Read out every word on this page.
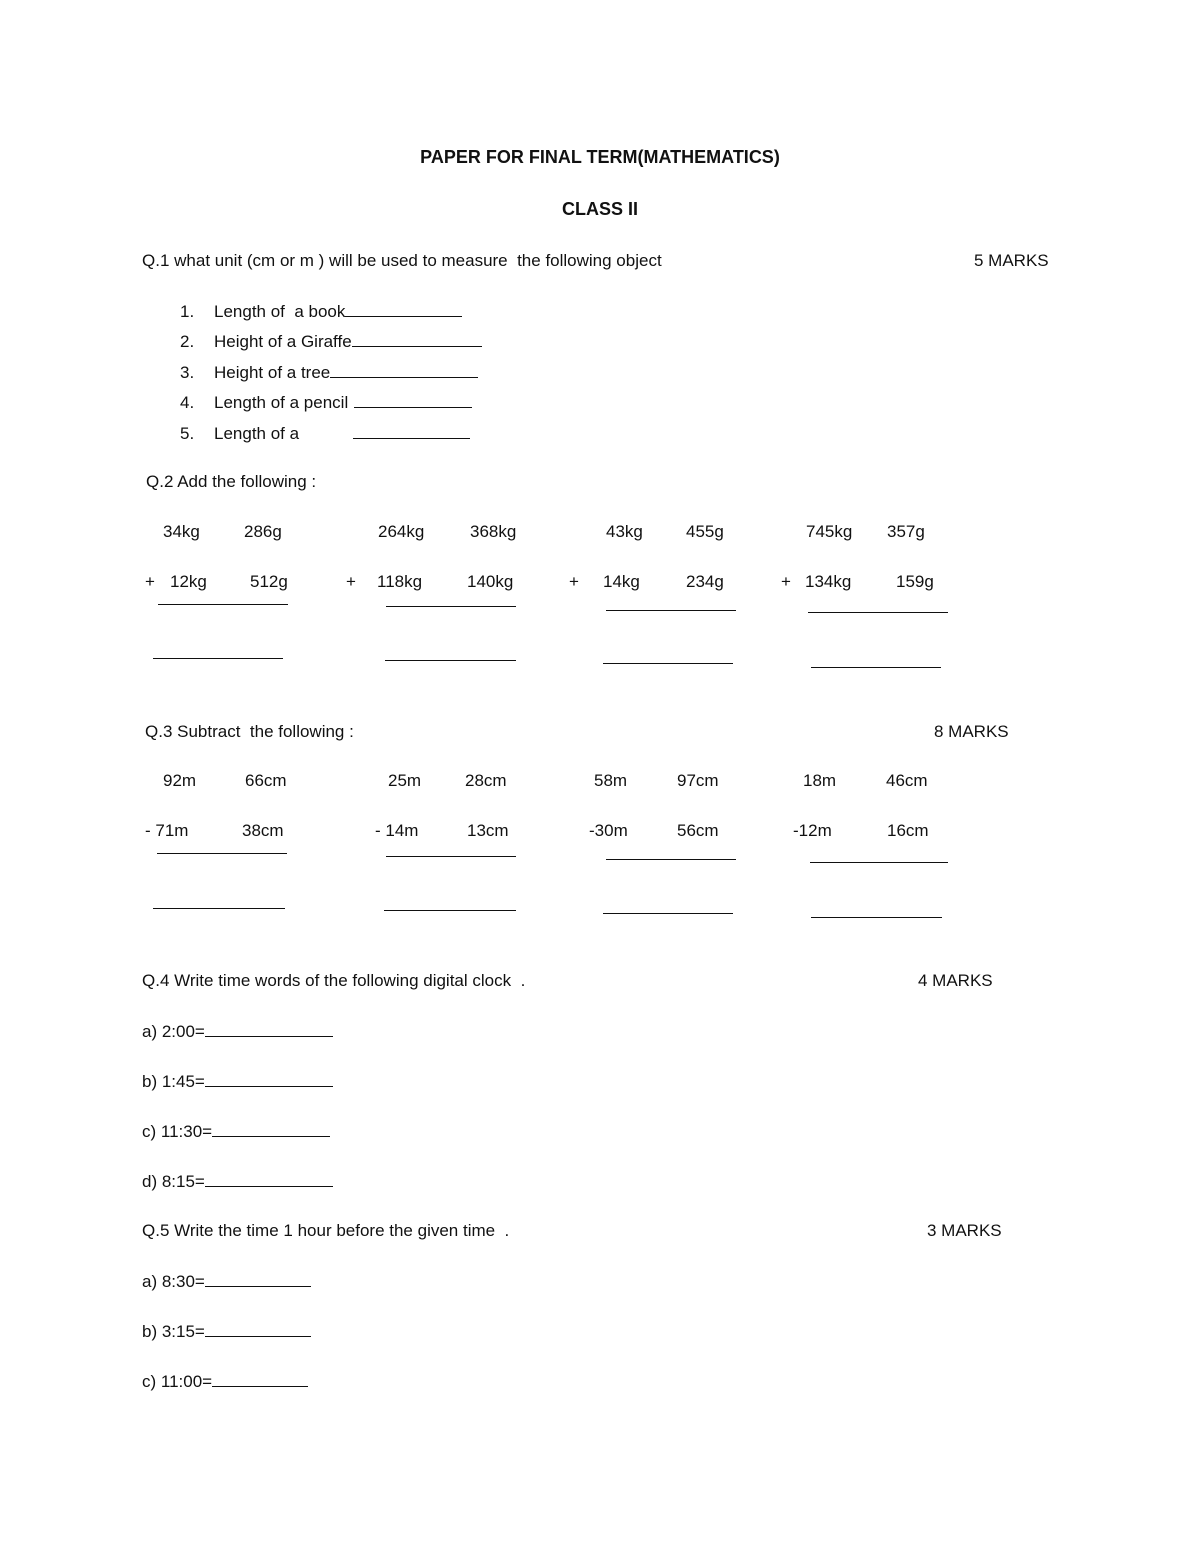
PAPER FOR FINAL TERM(MATHEMATICS)
CLASS II
Q.1 what unit (cm or m ) will be used to measure  the following object	5 MARKS
1. Length of  a book
2. Height of a Giraffe
3. Height of a tree
4. Length of a pencil
5. Length of a
Q.2 Add the following :
34kg	286g
+ 12kg	512g
264kg	368kg
+ 118kg	140kg
43kg	455g
+ 14kg	234g
745kg 357g
+ 134kg	159g
Q.3 Subtract  the following :	8 MARKS
92m	66cm
- 71m	38cm
25m	28cm
- 14m	13cm
58m	97cm
-30m	56cm
18m	46cm
-12m	16cm
Q.4 Write time words of the following digital clock  .	4 MARKS
a) 2:00=
b) 1:45=
c) 11:30=
d) 8:15=
Q.5 Write the time 1 hour before the given time  .	3 MARKS
a) 8:30=
b) 3:15=
c) 11:00=
